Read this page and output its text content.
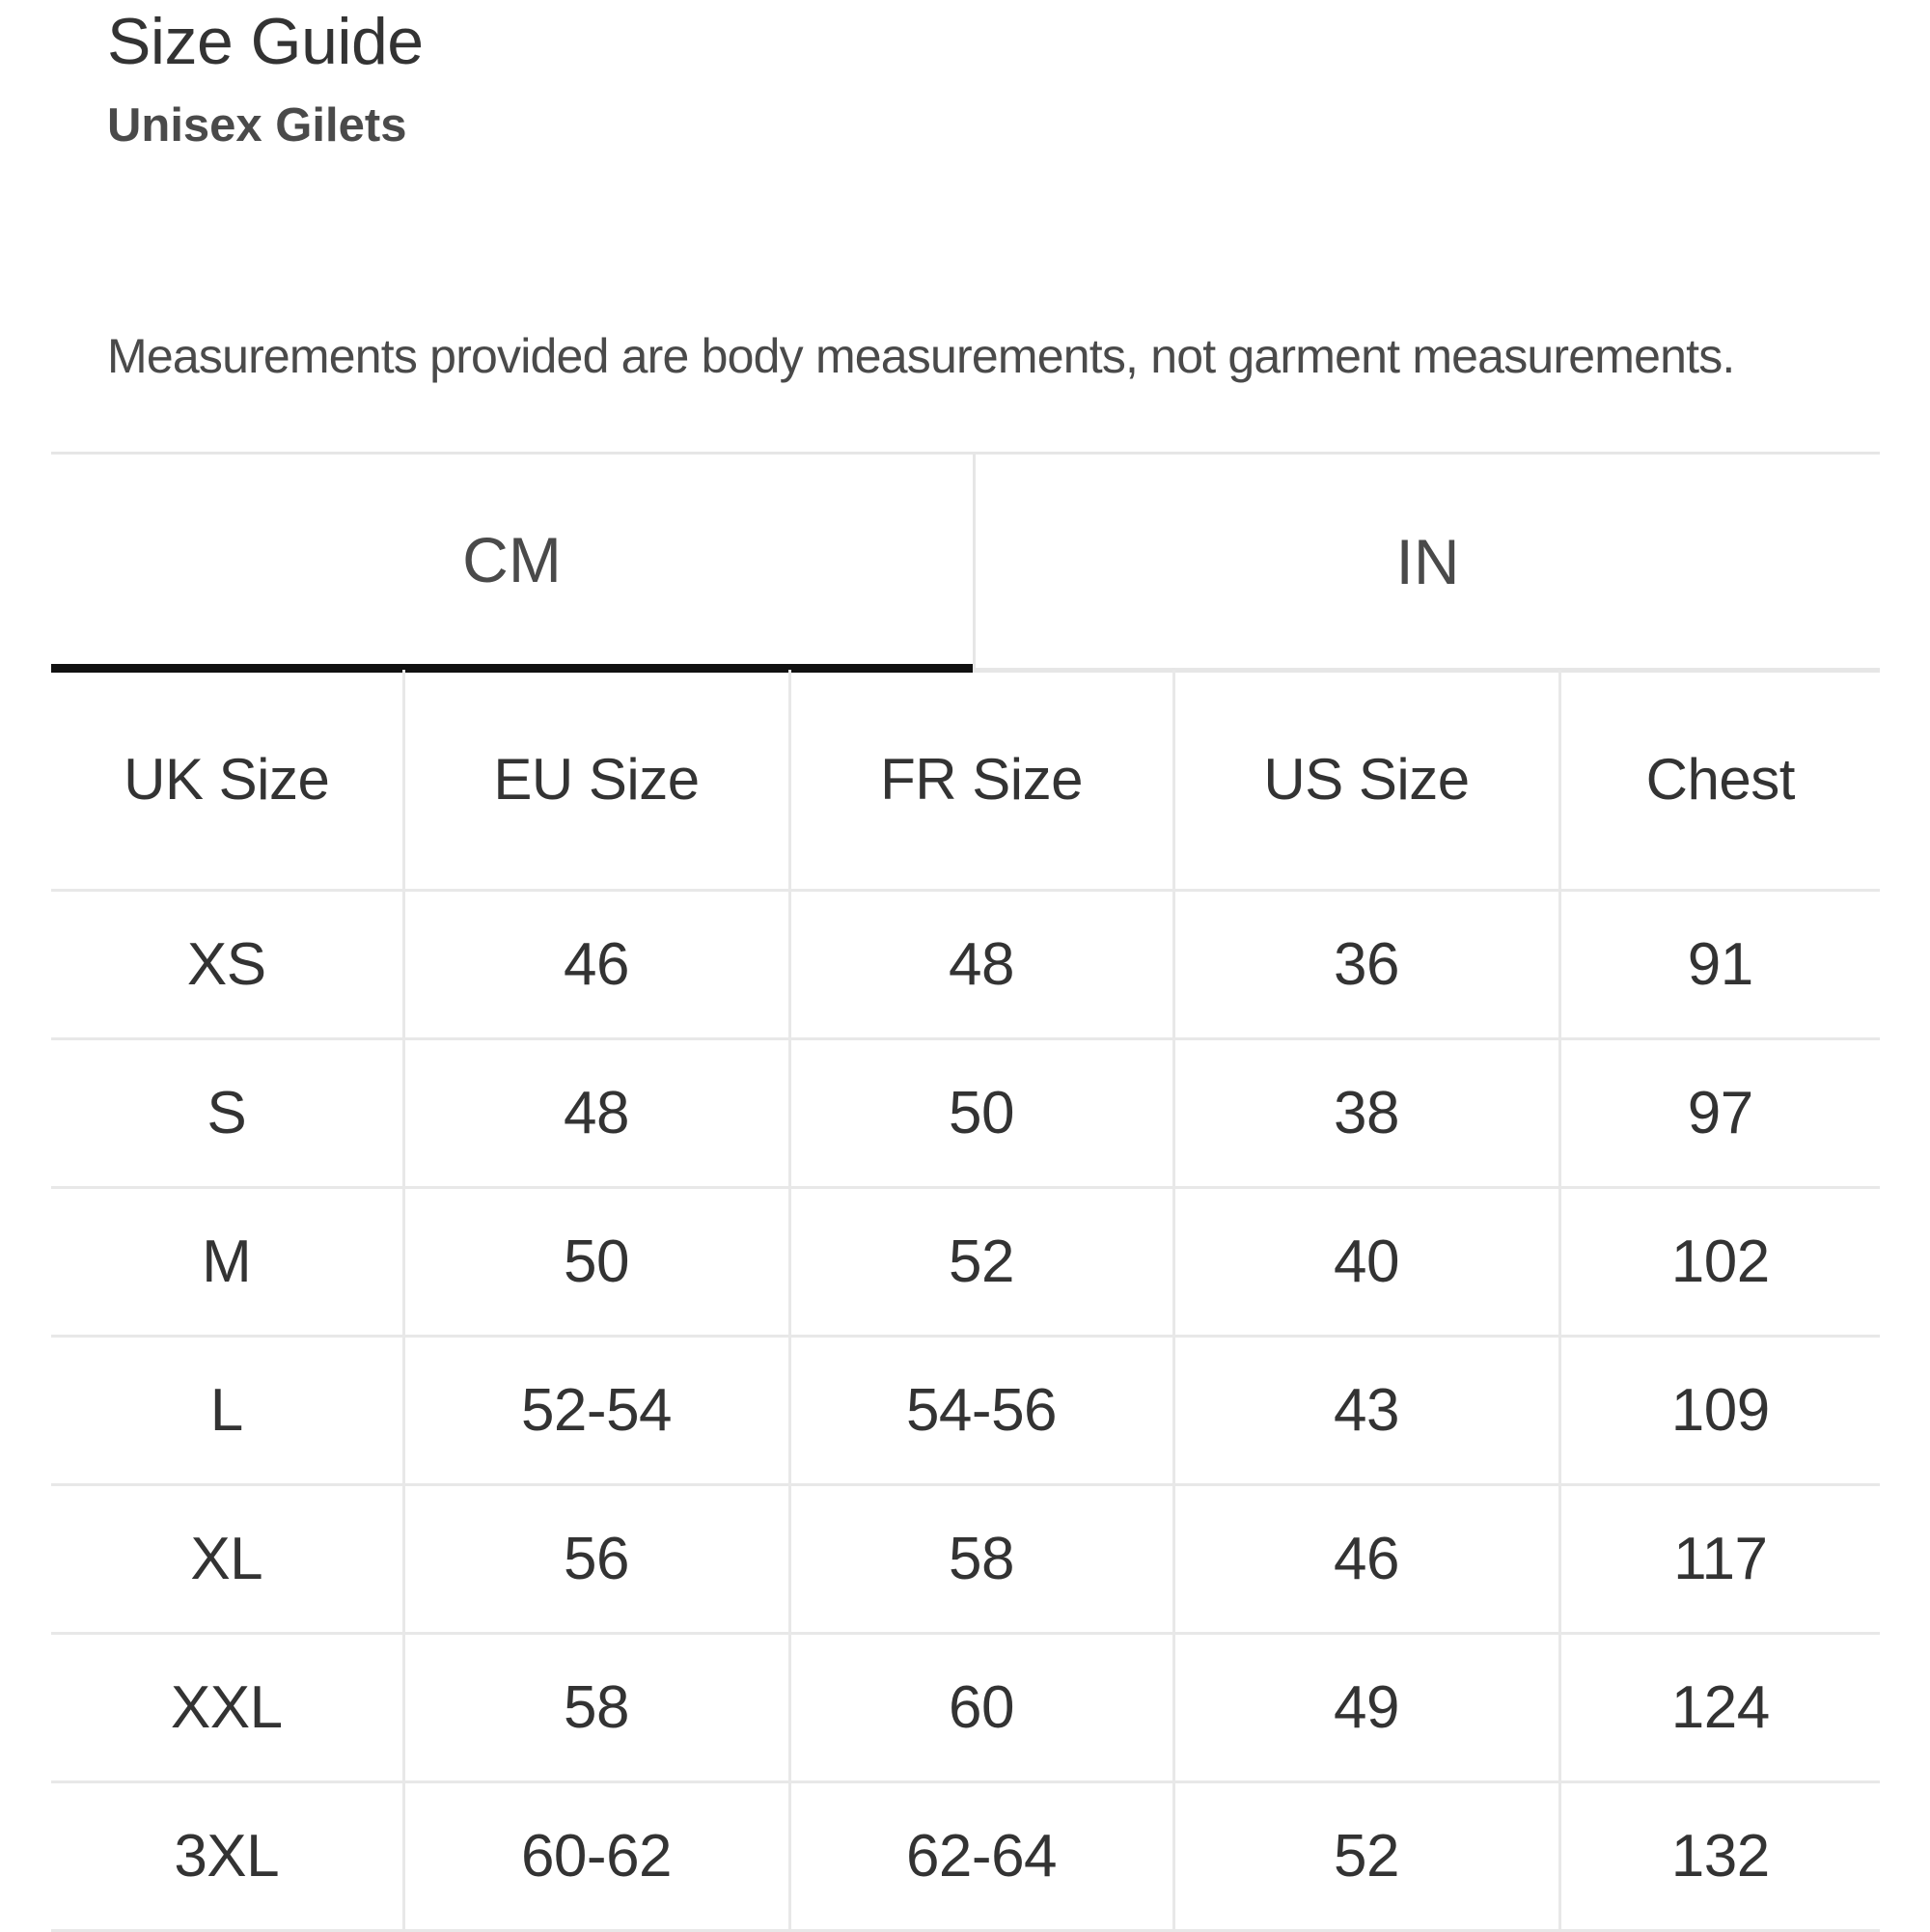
Size Guide
Unisex Gilets

Measurements provided are body measurements, not garment measurements.

CM	IN
UK Size	EU Size	FR Size	US Size	Chest
XS	46	48	36	91
S	48	50	38	97
M	50	52	40	102
L	52-54	54-56	43	109
XL	56	58	46	117
XXL	58	60	49	124
3XL	60-62	62-64	52	132
